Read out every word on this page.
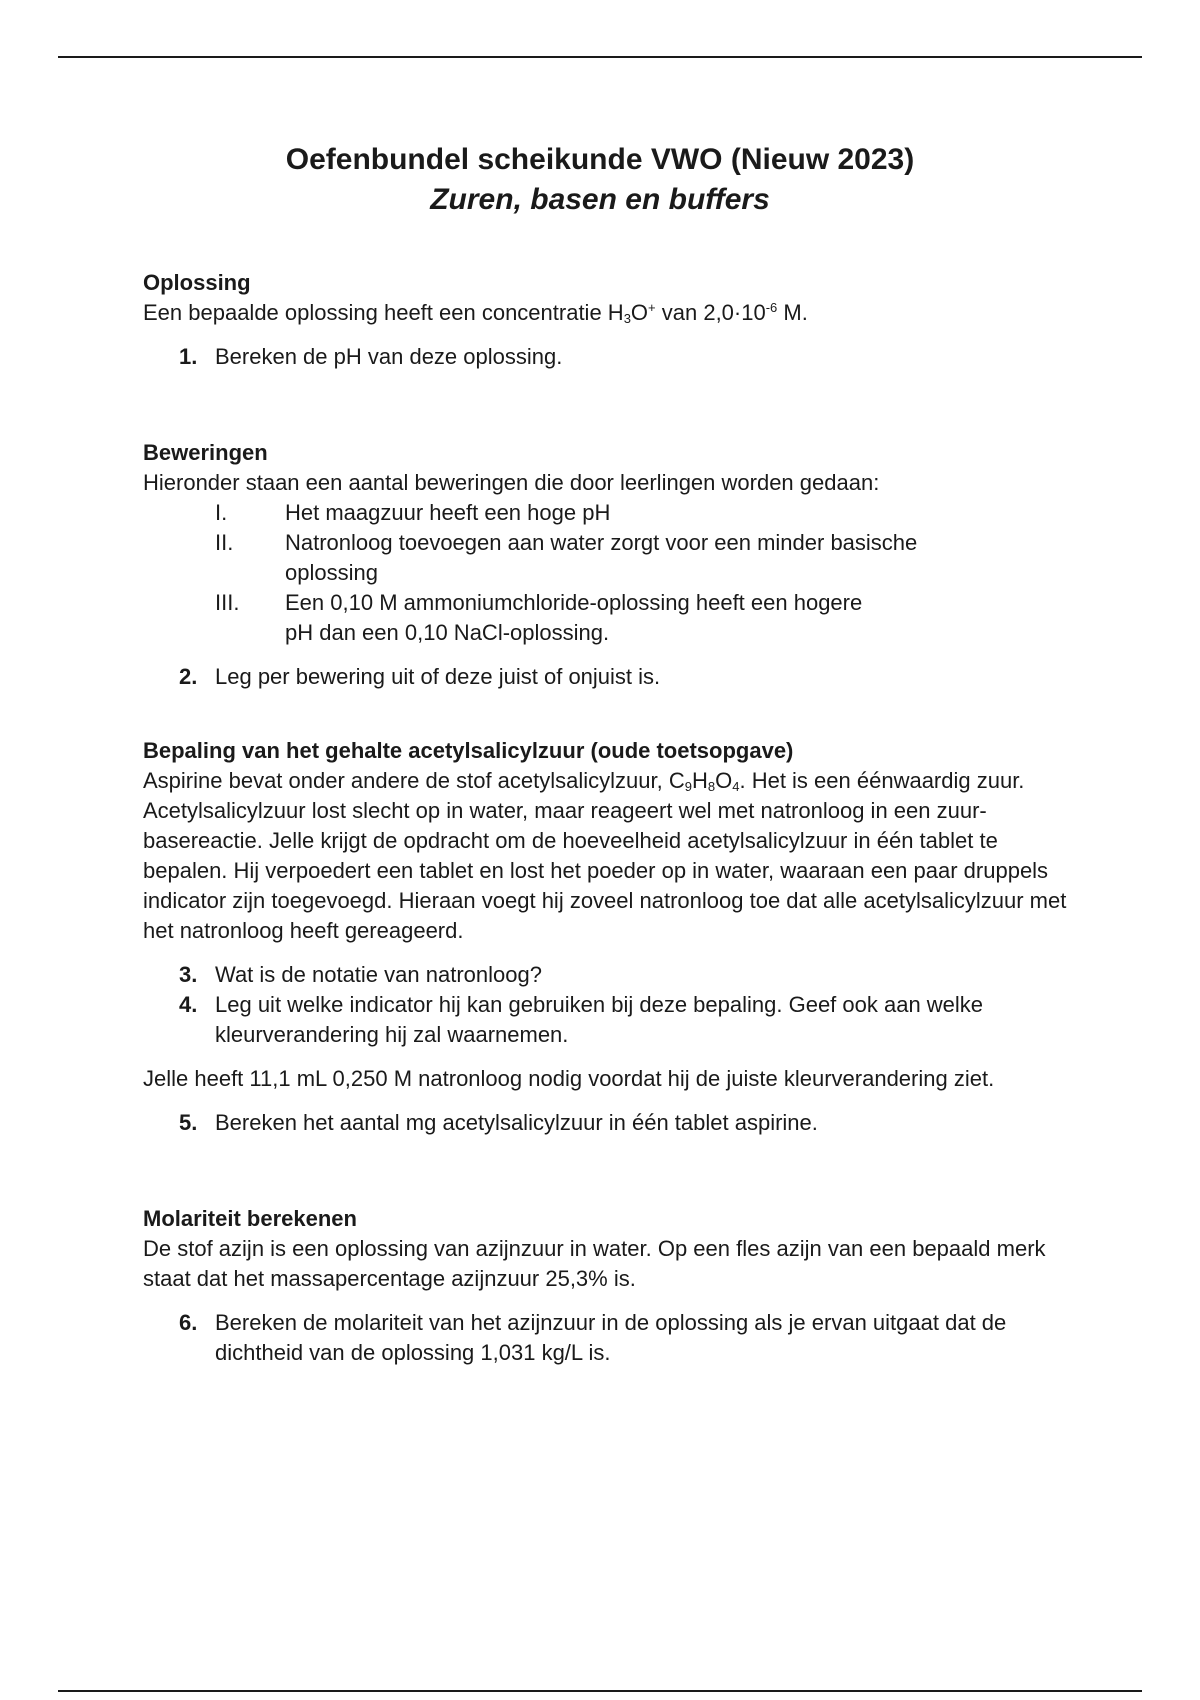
Oefenbundel scheikunde VWO (Nieuw 2023)
Zuren, basen en buffers

Oplossing

Een bepaalde oplossing heeft een concentratie $H_3O^+$ van $2,0\cdot 10^{-6}$ M.

1. Bereken de pH van deze oplossing.

Beweringen

Hieronder staan een aantal beweringen die door leerlingen worden gedaan:

I.	Het maagzuur heeft een hoge pH
II.	Natronloog toevoegen aan water zorgt voor een minder basische oplossing
III.	Een 0,10 M ammoniumchloride-oplossing heeft een hogere
pH dan een 0,10 NaCl-oplossing.
2. Leg per bewering uit of deze juist of onjuist is.

Bepaling van het gehalte acetylsalicylzuur (oude toetsopgave)

Aspirine bevat onder andere de stof acetylsalicylzuur, $C_9H_8O_4$. Het is een éénwaardig zuur. Acetylsalicylzuur lost slecht op in water, maar reageert wel met natronloog in een zuur-basereactie. Jelle krijgt de opdracht om de hoeveelheid acetylsalicylzuur in één tablet te bepalen. Hij verpoedert een tablet en lost het poeder op in water, waaraan een paar druppels indicator zijn toegevoegd. Hieraan voegt hij zoveel natronloog toe dat alle acetylsalicylzuur met het natronloog heeft gereageerd.

3. Wat is de notatie van natronloog?
4. Leg uit welke indicator hij kan gebruiken bij deze bepaling. Geef ook aan welke kleurverandering hij zal waarnemen.

Jelle heeft 11,1 mL 0,250 M natronloog nodig voordat hij de juiste kleurverandering ziet.

5. Bereken het aantal mg acetylsalicylzuur in één tablet aspirine.

Molariteit berekenen

De stof azijn is een oplossing van azijnzuur in water. Op een fles azijn van een bepaald merk staat dat het massapercentage azijnzuur 25,3% is.

6. Bereken de molariteit van het azijnzuur in de oplossing als je ervan uitgaat dat de dichtheid van de oplossing 1,031 kg/L is.
